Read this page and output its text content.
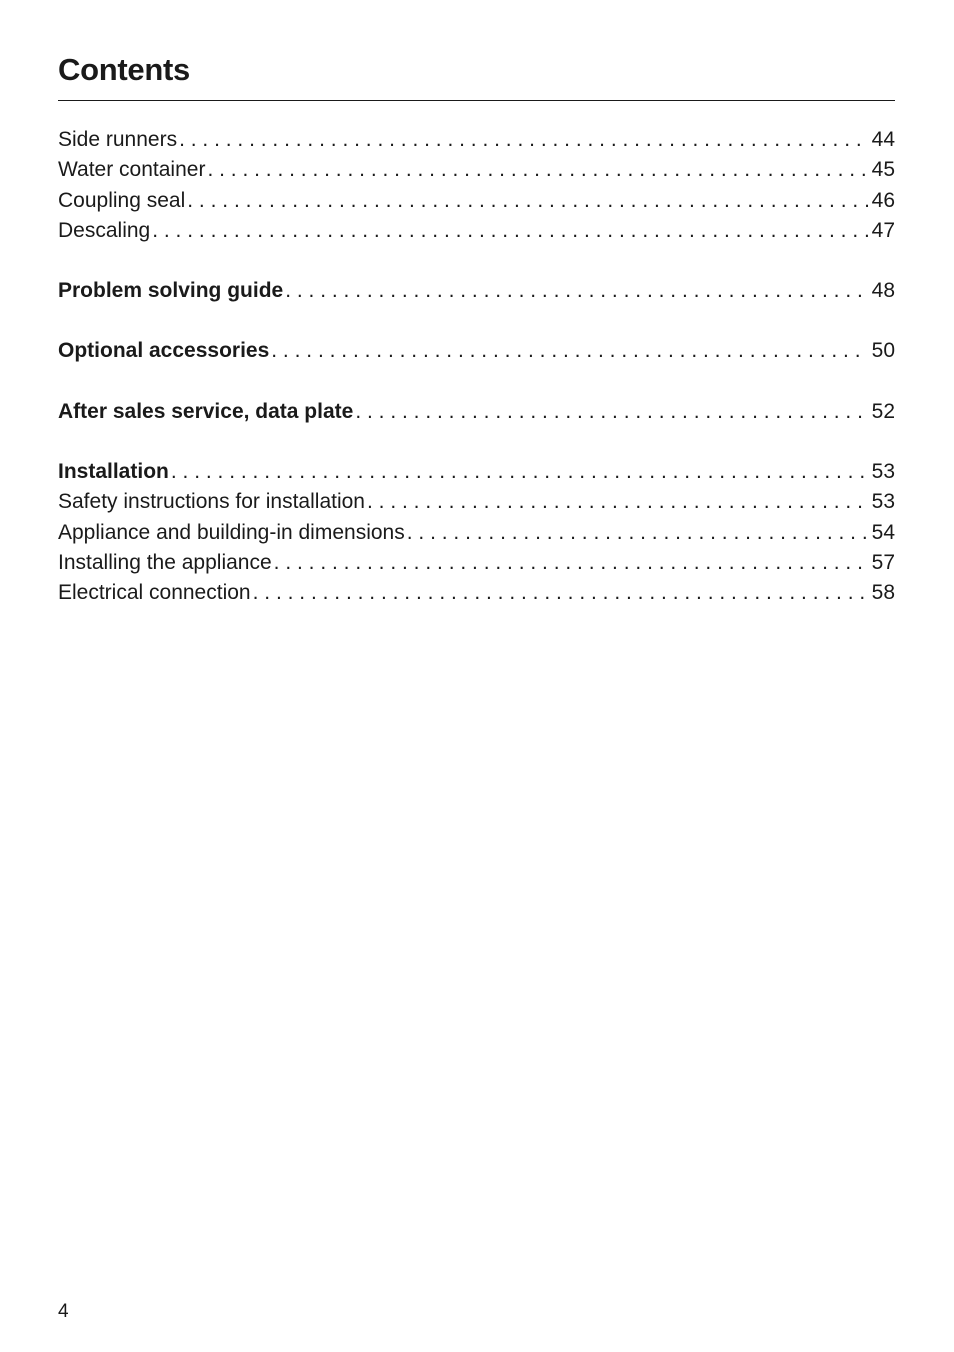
Contents
Side runners . . .	44
Water container . . .	45
Coupling seal . . .	46
Descaling . . .	47
Problem solving guide . . .	48
Optional accessories . . .	50
After sales service, data plate . . .	52
Installation . . .	53
Safety instructions for installation . . .	53
Appliance and building-in dimensions . . .	54
Installing the appliance . . .	57
Electrical connection . . .	58
4
